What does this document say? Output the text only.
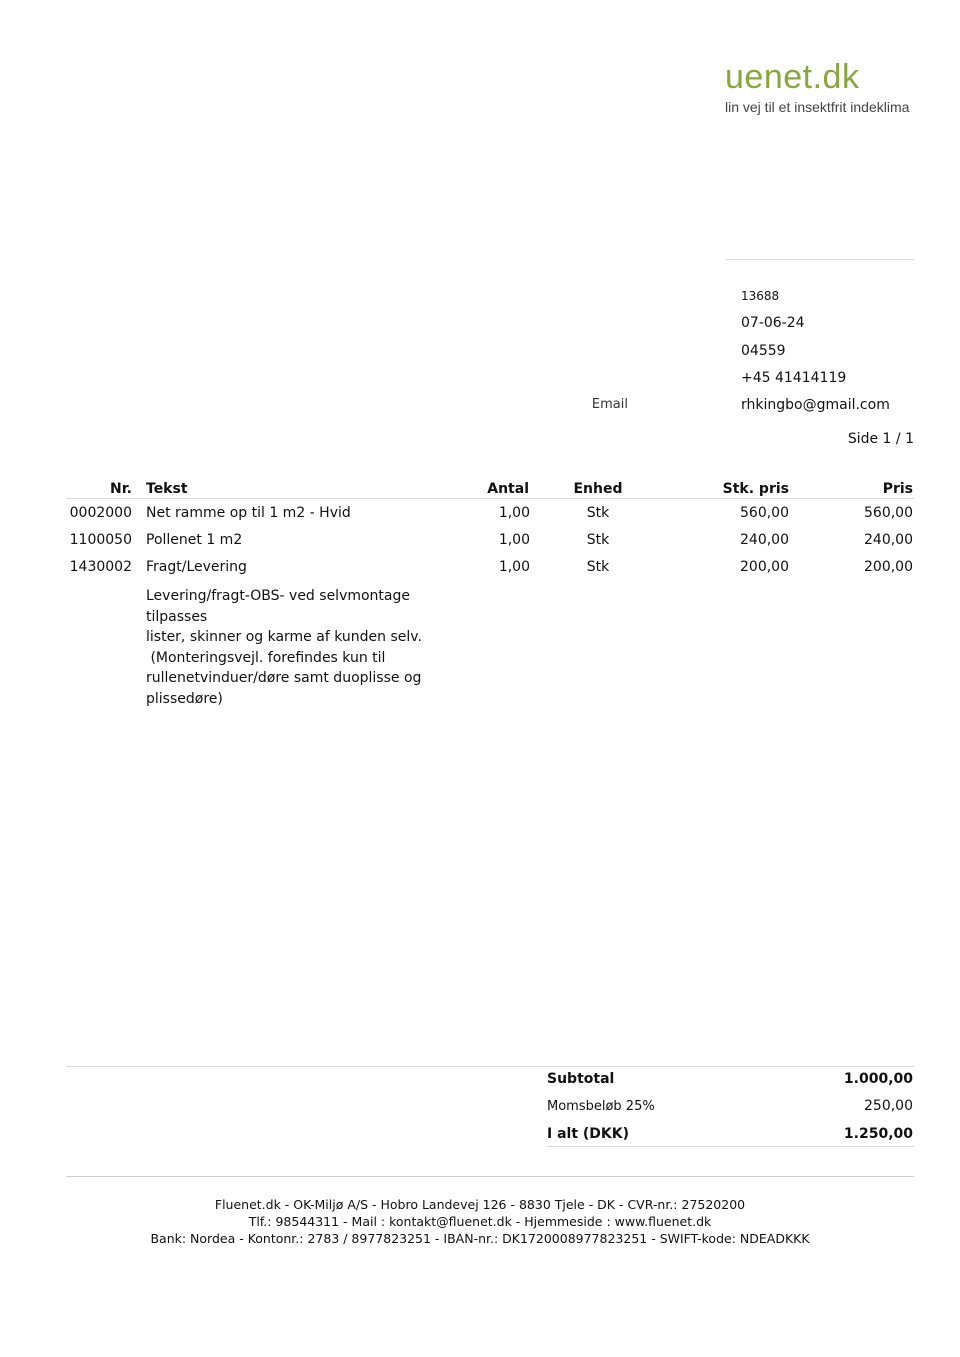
uenet.dk
lin vej til et insektfrit indeklima
13688
07-06-24
04559
+45 41414119
Email	rhkingbo@gmail.com
Side 1 / 1
Nr. Tekst	Antal	Enhed	Stk. pris	Pris
0002000 Net ramme op til 1 m2 - Hvid	1,00	Stk	560,00	560,00
1100050 Pollenet 1 m2	1,00	Stk	240,00	240,00
1430002 Fragt/Levering	1,00	Stk	200,00	200,00
Levering/fragt-OBS- ved selvmontage tilpasses
lister, skinner og karme af kunden selv.
(Monteringsvejl. forefindes kun til
rullenetvinduer/døre samt duoplisse og
plissedøre)
Subtotal	1.000,00
Momsbeløb 25%	250,00
I alt (DKK)	1.250,00
Fluenet.dk - OK-Miljø A/S - Hobro Landevej 126 - 8830 Tjele - DK - CVR-nr.: 27520200
Tlf.: 98544311 - Mail : kontakt@fluenet.dk - Hjemmeside : www.fluenet.dk
Bank: Nordea - Kontonr.: 2783 / 8977823251 - IBAN-nr.: DK1720008977823251 - SWIFT-kode: NDEADKKK
